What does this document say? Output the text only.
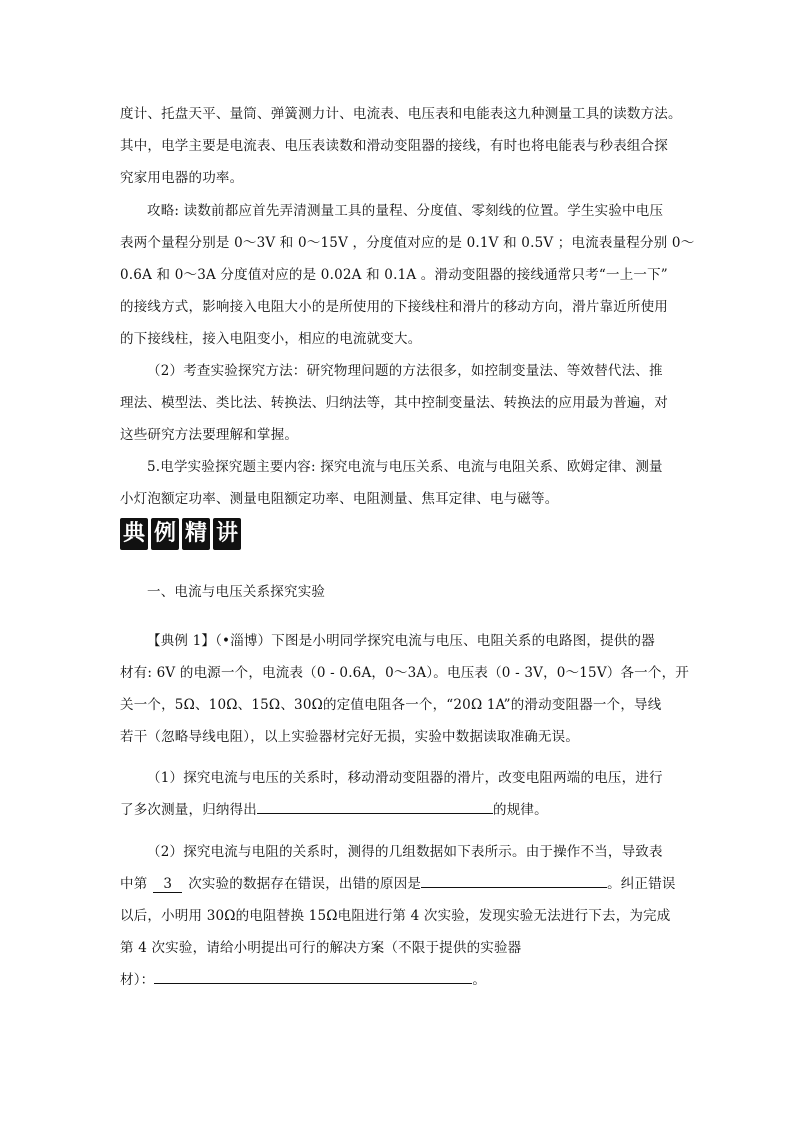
度计、托盘天平、量筒、弹簧测力计、电流表、电压表和电能表这九种测量工具的读数方法。
其中，电学主要是电流表、电压表读数和滑动变阻器的接线，有时也将电能表与秒表组合探
究家用电器的功率。
攻略: 读数前都应首先弄清测量工具的量程、分度值、零刻线的位置。学生实验中电压
表两个量程分别是 0～3V 和 0～15V ，分度值对应的是 0.1V 和 0.5V ；电流表量程分别 0～
0.6A 和 0～3A 分度值对应的是 0.02A 和 0.1A 。滑动变阻器的接线通常只考“一上一下”
的接线方式，影响接入电阻大小的是所使用的下接线柱和滑片的移动方向，滑片靠近所使用
的下接线柱，接入电阻变小，相应的电流就变大。
（2）考查实验探究方法：研究物理问题的方法很多，如控制变量法、等效替代法、推
理法、模型法、类比法、转换法、归纳法等，其中控制变量法、转换法的应用最为普遍，对
这些研究方法要理解和掌握。
5.电学实验探究题主要内容: 探究电流与电压关系、电流与电阻关系、欧姆定律、测量
小灯泡额定功率、测量电阻额定功率、电阻测量、焦耳定律、电与磁等。
典 例 精 讲
一、电流与电压关系探究实验
【典例 1】（•淄博）下图是小明同学探究电流与电压、电阻关系的电路图，提供的器
材有: 6V 的电源一个，电流表（0 - 0.6A，0～3A）。电压表（0 - 3V，0～15V）各一个，开
关一个，5Ω、10Ω、15Ω、30Ω的定值电阻各一个，“20Ω 1A”的滑动变阻器一个，导线
若干（忽略导线电阻），以上实验器材完好无损，实验中数据读取准确无误。
（1）探究电流与电压的关系时，移动滑动变阻器的滑片，改变电阻两端的电压，进行
了多次测量，归纳得出	的规律。
（2）探究电流与电阻的关系时，测得的几组数据如下表所示。由于操作不当，导致表
中第 3 次实验的数据存在错误，出错的原因是	。纠正错误
以后，小明用 30Ω的电阻替换 15Ω电阻进行第 4 次实验，发现实验无法进行下去，为完成
第 4 次实验，请给小明提出可行的解决方案（不限于提供的实验器
材）：	。
